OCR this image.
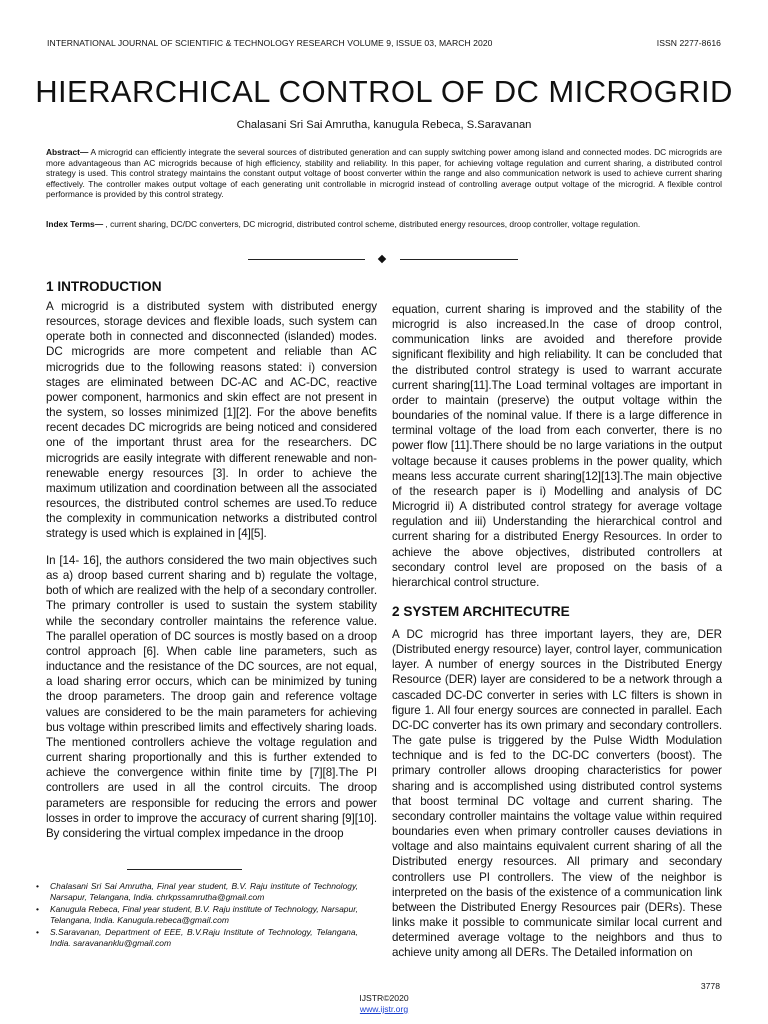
INTERNATIONAL JOURNAL OF SCIENTIFIC & TECHNOLOGY RESEARCH VOLUME 9, ISSUE 03, MARCH 2020	ISSN 2277-8616
HIERARCHICAL CONTROL OF DC MICROGRID
Chalasani Sri Sai Amrutha, kanugula Rebeca, S.Saravanan

Abstract— A microgrid can efficiently integrate the several sources of distributed generation and can supply switching power among island and connected modes. DC microgrids are more advantageous than AC microgrids because of high efficiency, stability and reliability. In this paper, for achieving voltage regulation and current sharing, a distributed control strategy is used. This control strategy maintains the constant output voltage of boost converter within the range and also communication network is used to achieve current sharing effectively. The controller makes output voltage of each generating unit controllable in microgrid instead of controlling average output voltage of the microgrid. A flexible control performance is provided by this control strategy.

Index Terms— , current sharing, DC/DC converters, DC microgrid, distributed control scheme, distributed energy resources, droop controller, voltage regulation.

1 INTRODUCTION

A microgrid is a distributed system with distributed energy resources, storage devices and flexible loads, such system can operate both in connected and disconnected (islanded) modes. DC microgrids are more competent and reliable than AC microgrids due to the following reasons stated: i) conversion stages are eliminated between DC-AC and AC-DC, reactive power component, harmonics and skin effect are not present in the system, so losses minimized [1][2]. For the above benefits recent decades DC microgrids are being noticed and considered one of the important thrust area for the researchers. DC microgrids are easily integrate with different renewable and non-renewable energy resources [3]. In order to achieve the maximum utilization and coordination between all the associated resources, the distributed control schemes are used.To reduce the complexity in communication networks a distributed control strategy is used which is explained in [4][5].

In [14- 16], the authors considered the two main objectives such as a) droop based current sharing and b) regulate the voltage, both of which are realized with the help of a secondary controller. The primary controller is used to sustain the system stability while the secondary controller maintains the reference value. The parallel operation of DC sources is mostly based on a droop control approach [6]. When cable line parameters, such as inductance and the resistance of the DC sources, are not equal, a load sharing error occurs, which can be minimized by tuning the droop parameters. The droop gain and reference voltage values are considered to be the main parameters for achieving bus voltage within prescribed limits and effectively sharing loads. The mentioned controllers achieve the voltage regulation and current sharing proportionally and this is further extended to achieve the convergence within finite time by [7][8].The PI controllers are used in all the control circuits. The droop parameters are responsible for reducing the errors and power losses in order to improve the accuracy of current sharing [9][10]. By considering the virtual complex impedance in the droop

equation, current sharing is improved and the stability of the microgrid is also increased.In the case of droop control, communication links are avoided and therefore provide significant flexibility and high reliability. It can be concluded that the distributed control strategy is used to warrant accurate current sharing[11].The Load terminal voltages are important in order to maintain (preserve) the output voltage within the boundaries of the nominal value. If there is a large difference in terminal voltage of the load from each converter, there is no power flow [11].There should be no large variations in the output voltage because it causes problems in the power quality, which means less accurate current sharing[12][13].The main objective of the research paper is i) Modelling and analysis of DC Microgrid ii) A distributed control strategy for average voltage regulation and iii) Understanding the hierarchical control and current sharing for a distributed Energy Resources. In order to achieve the above objectives, distributed controllers at secondary control level are proposed on the basis of a hierarchical control structure.

2 SYSTEM ARCHITECUTRE

A DC microgrid has three important layers, they are, DER (Distributed energy resource) layer, control layer, communication layer. A number of energy sources in the Distributed Energy Resource (DER) layer are considered to be a network through a cascaded DC-DC converter in series with LC filters is shown in figure 1. All four energy sources are connected in parallel. Each DC-DC converter has its own primary and secondary controllers. The gate pulse is triggered by the Pulse Width Modulation technique and is fed to the DC-DC converters (boost). The primary controller allows drooping characteristics for power sharing and is accomplished using distributed control systems that boost terminal DC voltage and current sharing. The secondary controller maintains the voltage value within required boundaries even when primary controller causes deviations in voltage and also maintains equivalent current sharing of all the Distributed energy resources. All primary and secondary controllers use PI controllers. The view of the neighbor is interpreted on the basis of the existence of a communication link between the Distributed Energy Resources pair (DERs). These links make it possible to communicate similar local current and determined average voltage to the neighbors and thus to achieve unity among all DERs. The Detailed information on

• Chalasani Sri Sai Amrutha, Final year student, B.V. Raju institute of Technology, Narsapur, Telangana, India. chrkpssamrutha@gmail.com
• Kanugula Rebeca, Final year student, B.V. Raju institute of Technology, Narsapur, Telangana, India. Kanugula.rebeca@gmail.com
• S.Saravanan, Department of EEE, B.V.Raju Institute of Technology, Telangana, India. saravananklu@gmail.com
3778
IJSTR©2020
www.ijstr.org
